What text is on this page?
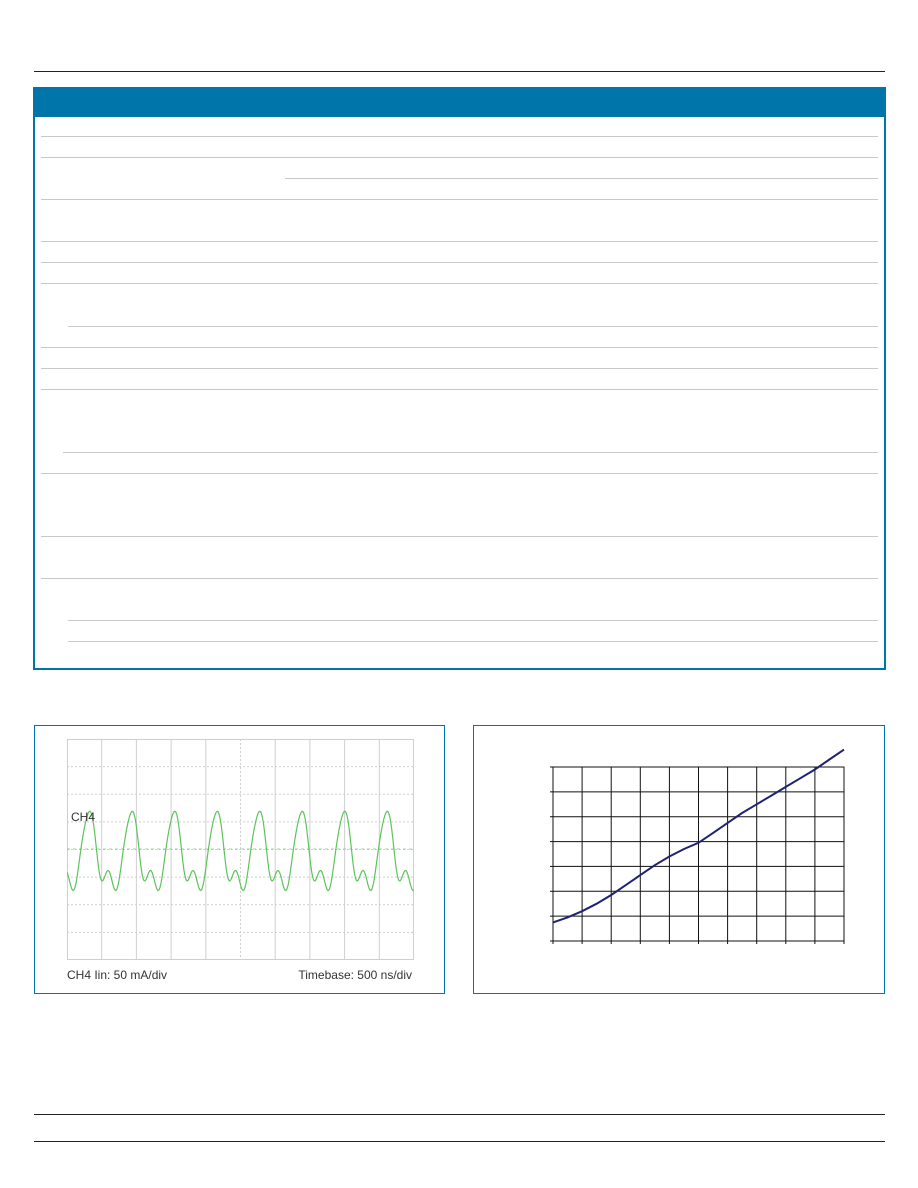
CH4
CH4 Iin: 50 mA/div	Timebase: 500 ns/div
